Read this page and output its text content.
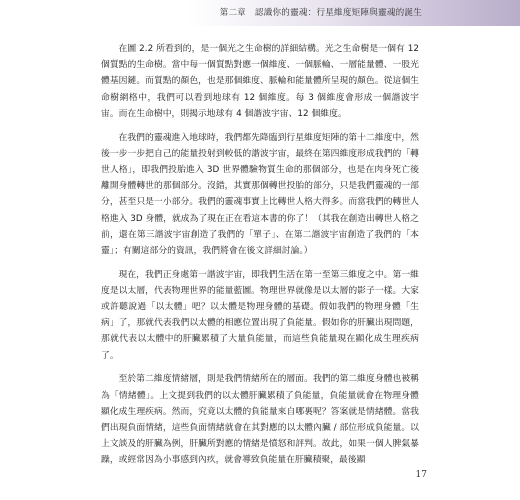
第二章 認識你的靈魂：行星維度矩陣與靈魂的誕生

在圖 2.2 所看到的，是一個光之生命樹的詳細結構。光之生命樹是一個有 12 個質點的生命樹。當中每一個質點對應一個維度、一個脈輪、一層能量體、一股光體基因鏈。而質點的顏色，也是那個維度、脈輪和能量體所呈現的顏色。從這個生命樹網格中，我們可以看到地球有 12 個維度。每 3 個維度會形成一個諧波宇宙。而在生命樹中，則揭示地球有 4 個諧波宇宙、12 個維度。

在我們的靈魂進入地球時，我們都先降臨到行星維度矩陣的第十二維度中，然後一步一步把自己的能量投射到較低的諧波宇宙，最終在第四維度形成我們的「轉世人格」，即我們投胎進入 3D 世界體驗物質生命的那個部分，也是在肉身死亡後離開身體轉世的那個部分。沒錯，其實那個轉世投胎的部分，只是我們靈魂的一部分，甚至只是一小部分。我們的靈魂事實上比轉世人格大得多。而當我們的轉世人格進入 3D 身體，就成為了現在正在看這本書的你了！（其我在創造出轉世人格之前，還在第三諧波宇宙創造了我們的「單子」、在第二諧波宇宙創造了我們的「本靈」；有關這部分的資訊，我們將會在後文詳細討論。）

現在，我們正身處第一諧波宇宙，即我們生活在第一至第三維度之中。第一維度是以太層，代表物理世界的能量藍圖。物理世界就像是以太層的影子一樣。大家或許聽說過「以太體」吧？以太體是物理身體的基礎。假如我們的物理身體「生病」了，那就代表我們以太體的相應位置出現了負能量。假如你的肝臟出現問題，那就代表以太體中的肝臟累積了大量負能量，而這些負能量現在顯化成生理疾病了。

至於第二維度情緒層，則是我們情緒所在的層面。我們的第二維度身體也被稱為「情緒體」。上文提到我們的以太體肝臟累積了負能量，負能量就會在物理身體顯化成生理疾病。然而，究竟以太體的負能量來自哪裏呢？答案就是情緒體。當我們出現負面情緒，這些負面情緒就會在其對應的以太體內臟 / 部位形成負能量。以上文談及的肝臟為例，肝臟所對應的情緒是憤怒和評判。故此，如果一個人脾氣暴躁，或經常因為小事感到內疚，就會導致負能量在肝臟積聚，最後顯

17
